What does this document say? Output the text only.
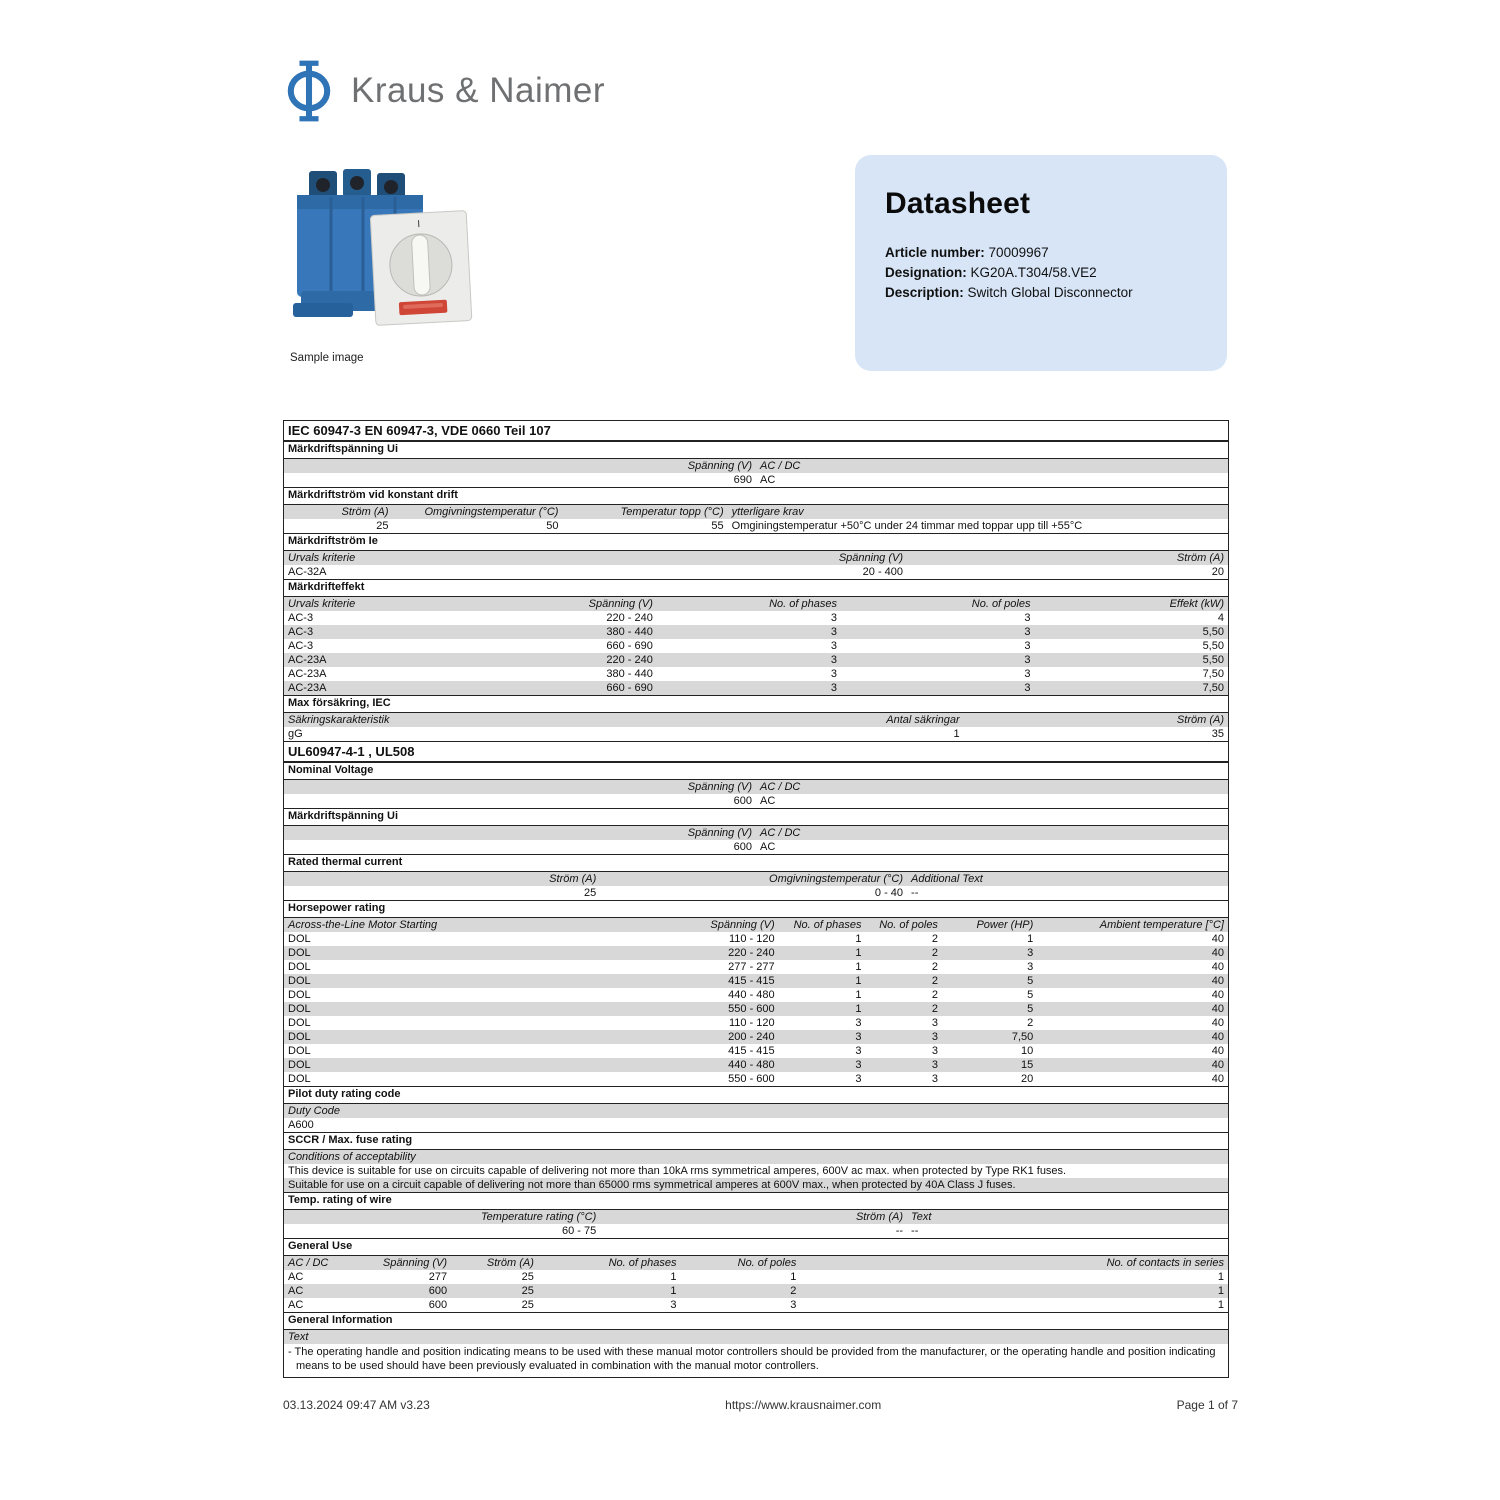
Kraus & Naimer
I
Sample image
Datasheet
Article number: 70009967
Designation: KG20A.T304/58.VE2
Description: Switch Global Disconnector
IEC 60947-3 EN 60947-3, VDE 0660 Teil 107
Märkdriftspänning Ui
Spänning (V) AC / DC
690 AC
Märkdriftström vid konstant drift
Ström (A)	Omgivningstemperatur (°C)	Temperatur topp (°C) ytterligare krav
25	50	55 Omginingstemperatur +50°C under 24 timmar med toppar upp till +55°C
Märkdriftström Ie
Urvals kriterie	Spänning (V)	Ström (A)
AC-32A	20 - 400	20
Märkdrifteffekt
Urvals kriterie	Spänning (V)	No. of phases	No. of poles	Effekt (kW)
AC-3	220 - 240	3	3	4
AC-3	380 - 440	3	3	5,50
AC-3	660 - 690	3	3	5,50
AC-23A	220 - 240	3	3	5,50
AC-23A	380 - 440	3	3	7,50
AC-23A	660 - 690	3	3	7,50
Max försäkring, IEC
Säkringskarakteristik	Antal säkringar	Ström (A)
gG	1	35
UL60947-4-1 , UL508
Nominal Voltage
Spänning (V) AC / DC
600 AC
Märkdriftspänning Ui
Spänning (V) AC / DC
600 AC
Rated thermal current
Ström (A)	Omgivningstemperatur (°C) Additional Text
25	0 - 40 --
Horsepower rating
Across-the-Line Motor Starting	Spänning (V)	No. of phases	No. of poles	Power (HP)	Ambient temperature [°C]
DOL	110 - 120	1	2	1	40
DOL	220 - 240	1	2	3	40
DOL	277 - 277	1	2	3	40
DOL	415 - 415	1	2	5	40
DOL	440 - 480	1	2	5	40
DOL	550 - 600	1	2	5	40
DOL	110 - 120	3	3	2	40
DOL	200 - 240	3	3	7,50	40
DOL	415 - 415	3	3	10	40
DOL	440 - 480	3	3	15	40
DOL	550 - 600	3	3	20	40
Pilot duty rating code
Duty Code
A600
SCCR / Max. fuse rating
Conditions of acceptability
This device is suitable for use on circuits capable of delivering not more than 10kA rms symmetrical amperes, 600V ac max. when protected by Type RK1 fuses.
Suitable for use on a circuit capable of delivering not more than 65000 rms symmetrical amperes at 600V max., when protected by 40A Class J fuses.
Temp. rating of wire
Temperature rating (°C)	Ström (A) Text
60 - 75	-- --
General Use
AC / DC	Spänning (V)	Ström (A)	No. of phases	No. of poles	No. of contacts in series
AC	277	25	1	1	1
AC	600	25	1	2	1
AC	600	25	3	3	1
General Information
Text
- The operating handle and position indicating means to be used with these manual motor controllers should be provided from the manufacturer, or the operating handle and position indicating means to be used should have been previously evaluated in combination with the manual motor controllers.
03.13.2024 09:47 AM v3.23	https://www.krausnaimer.com	Page 1 of 7
